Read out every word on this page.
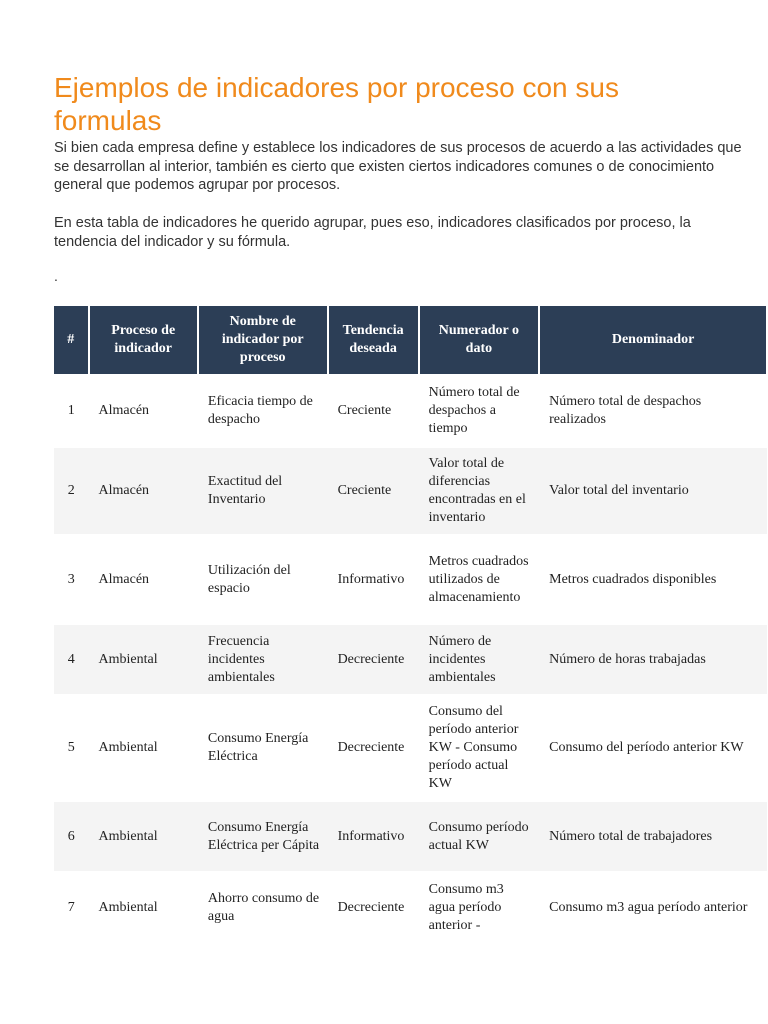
Ejemplos de indicadores por proceso con sus formulas

Si bien cada empresa define y establece los indicadores de sus procesos de acuerdo a las actividades que se desarrollan al interior, también es cierto que existen ciertos indicadores comunes o de conocimiento general que podemos agrupar por procesos.

En esta tabla de indicadores he querido agrupar, pues eso, indicadores clasificados por proceso, la tendencia del indicador y su fórmula.

.
#	Proceso de indicador	Nombre de indicador por proceso	Tendencia deseada	Numerador o dato	Denominador
1	Almacén	Eficacia tiempo de despacho	Creciente	Número total de despachos a tiempo	Número total de despachos realizados
2	Almacén	Exactitud del Inventario	Creciente	Valor total de diferencias encontradas en el inventario	Valor total del inventario
3	Almacén	Utilización del espacio	Informativo	Metros cuadrados utilizados de almacenamiento	Metros cuadrados disponibles
4	Ambiental	Frecuencia incidentes ambientales	Decreciente	Número de incidentes ambientales	Número de horas trabajadas
5	Ambiental	Consumo Energía Eléctrica	Decreciente	Consumo del período anterior KW - Consumo período actual KW	Consumo del período anterior KW
6	Ambiental	Consumo Energía Eléctrica per Cápita	Informativo	Consumo período actual KW	Número total de trabajadores
7	Ambiental	Ahorro consumo de agua	Decreciente	Consumo m3 agua período anterior -	Consumo m3 agua período anterior
